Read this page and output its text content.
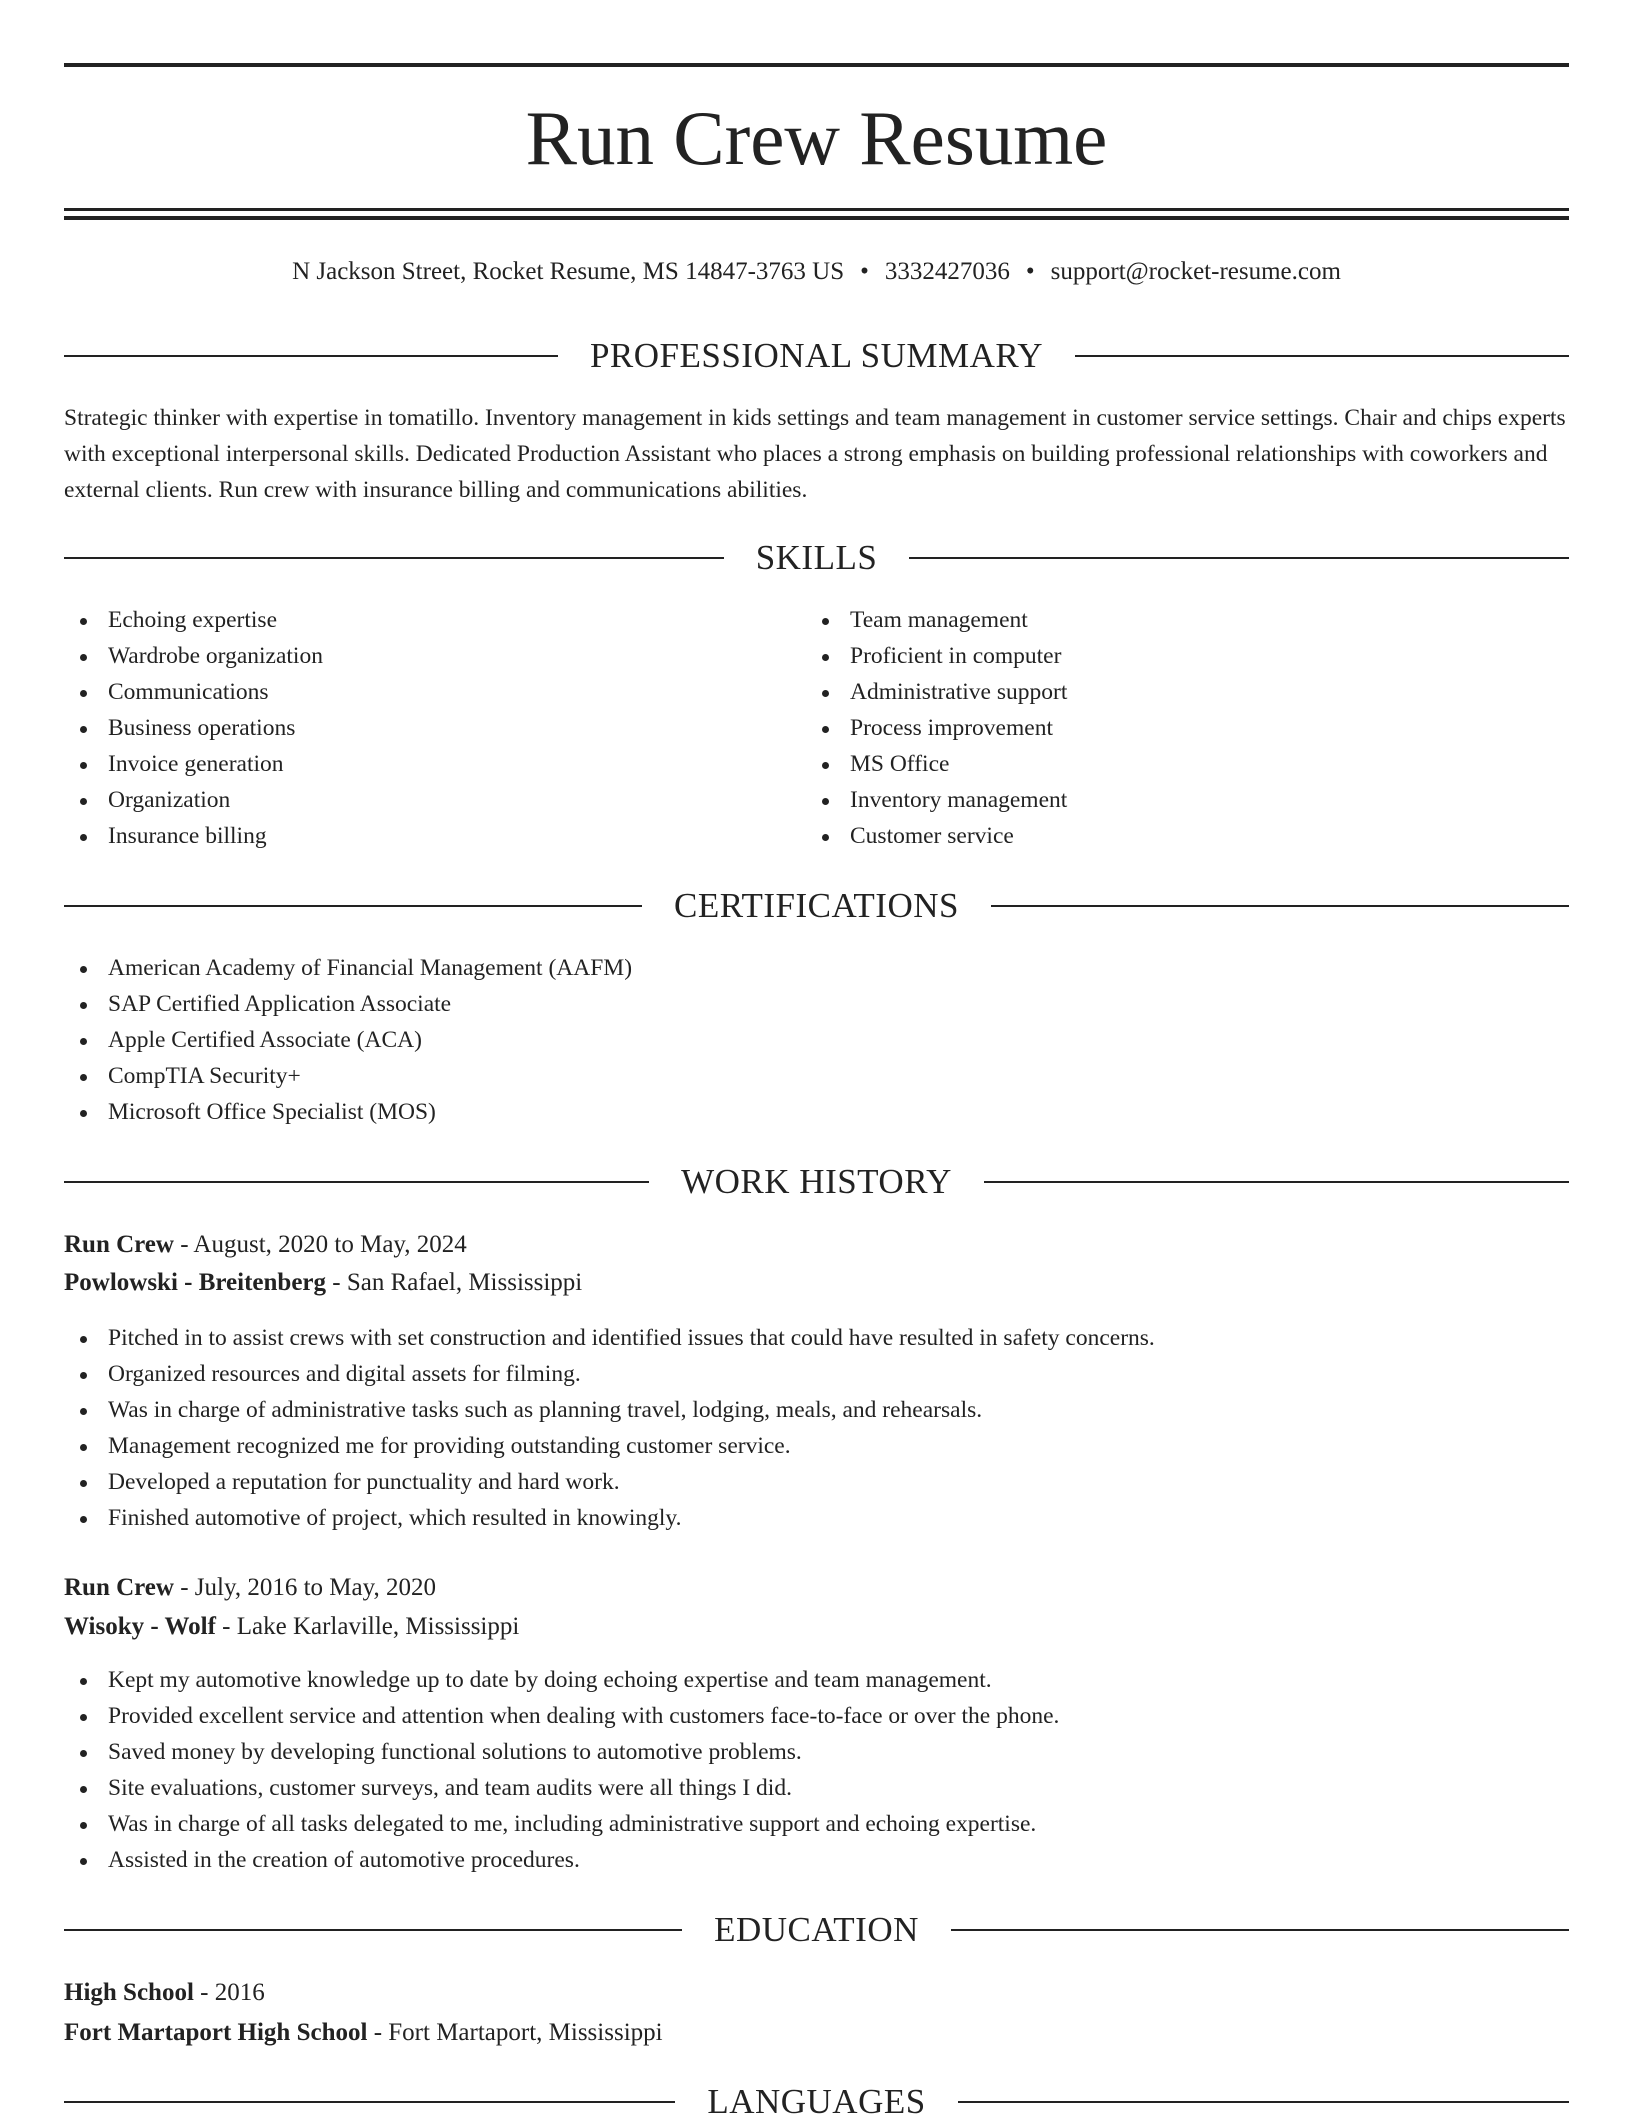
Run Crew Resume
N Jackson Street, Rocket Resume, MS 14847-3763 US • 3332427036 • support@rocket-resume.com
PROFESSIONAL SUMMARY

Strategic thinker with expertise in tomatillo. Inventory management in kids settings and team management in customer service settings. Chair and chips experts with exceptional interpersonal skills. Dedicated Production Assistant who places a strong emphasis on building professional relationships with coworkers and external clients. Run crew with insurance billing and communications abilities.

SKILLS
Echoing expertise
Wardrobe organization
Communications
Business operations
Invoice generation
Organization
Insurance billing
Team management
Proficient in computer
Administrative support
Process improvement
MS Office
Inventory management
Customer service
CERTIFICATIONS
American Academy of Financial Management (AAFM)
SAP Certified Application Associate
Apple Certified Associate (ACA)
CompTIA Security+
Microsoft Office Specialist (MOS)
WORK HISTORY
Run Crew - August, 2020 to May, 2024
Powlowski - Breitenberg - San Rafael, Mississippi
Pitched in to assist crews with set construction and identified issues that could have resulted in safety concerns.
Organized resources and digital assets for filming.
Was in charge of administrative tasks such as planning travel, lodging, meals, and rehearsals.
Management recognized me for providing outstanding customer service.
Developed a reputation for punctuality and hard work.
Finished automotive of project, which resulted in knowingly.
Run Crew - July, 2016 to May, 2020
Wisoky - Wolf - Lake Karlaville, Mississippi
Kept my automotive knowledge up to date by doing echoing expertise and team management.
Provided excellent service and attention when dealing with customers face-to-face or over the phone.
Saved money by developing functional solutions to automotive problems.
Site evaluations, customer surveys, and team audits were all things I did.
Was in charge of all tasks delegated to me, including administrative support and echoing expertise.
Assisted in the creation of automotive procedures.
EDUCATION
High School - 2016
Fort Martaport High School - Fort Martaport, Mississippi
LANGUAGES
